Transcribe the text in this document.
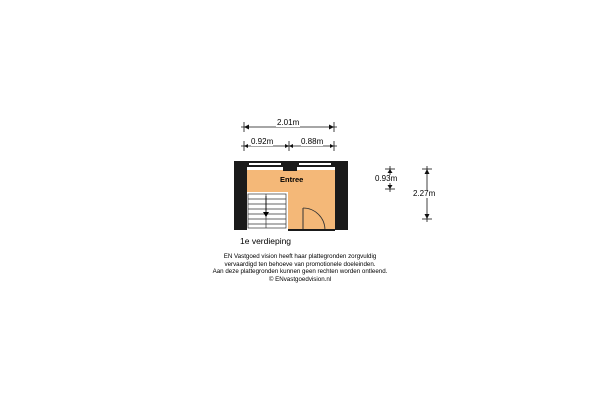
2.01m
0.92m	0.88m
0.93m
2.27m
Entree
1e verdieping
EN Vastgoed vision heeft haar plattegronden zorgvuldig
vervaardigd ten behoeve van promotionele doeleinden.
Aan deze plattegronden kunnen geen rechten worden ontleend.
© ENvastgoedvision.nl
